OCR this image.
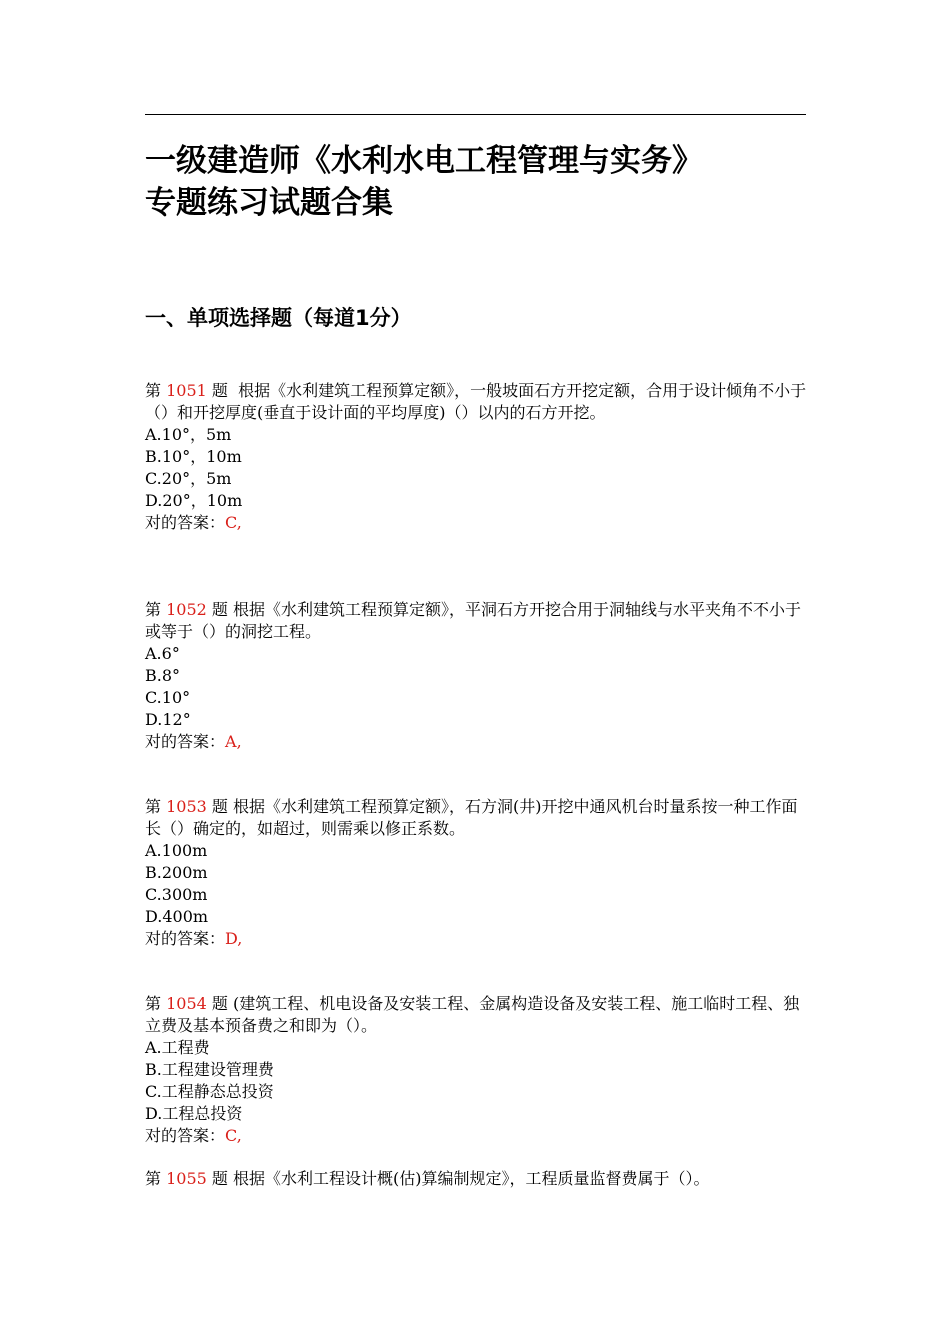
一级建造师《水利水电工程管理与实务》
专题练习试题合集
一、单项选择题（每道1分）

第 1051 题 根据《水利建筑工程预算定额》，一般坡面石方开挖定额，合用于设计倾角不小于（）和开挖厚度(垂直于设计面的平均厚度)（）以内的石方开挖。

A.10°，5m

B.10°，10m

C.20°，5m

D.20°，10m

对的答案：C,

第 1052 题 根据《水利建筑工程预算定额》，平洞石方开挖合用于洞轴线与水平夹角不不小于或等于（）的洞挖工程。

A.6°

B.8°

C.10°

D.12°

对的答案：A,

第 1053 题 根据《水利建筑工程预算定额》，石方洞(井)开挖中通风机台时量系按一种工作面长（）确定的，如超过，则需乘以修正系数。

A.100m

B.200m

C.300m

D.400m

对的答案：D,

第 1054 题 (建筑工程、机电设备及安装工程、金属构造设备及安装工程、施工临时工程、独立费及基本预备费之和即为（）。

A.工程费

B.工程建设管理费

C.工程静态总投资

D.工程总投资

对的答案：C,

第 1055 题 根据《水利工程设计概(估)算编制规定》，工程质量监督费属于（）。
